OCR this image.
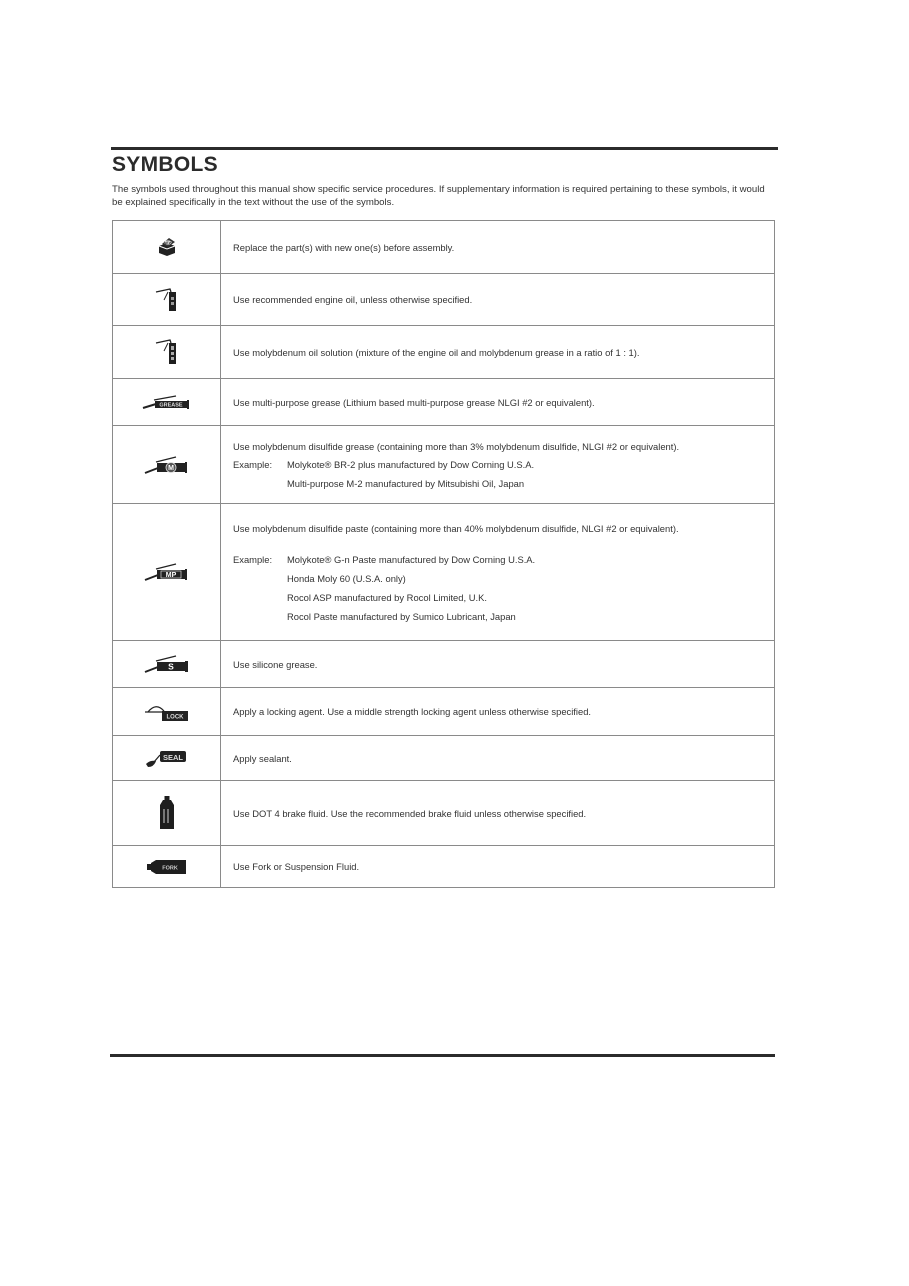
SYMBOLS
The symbols used throughout this manual show specific service procedures. If supplementary information is required pertaining to these symbols, it would be explained specifically in the text without the use of the symbols.
NEW	Replace the part(s) with new one(s) before assembly.

Use recommended engine oil, unless otherwise specified.

Use molybdenum oil solution (mixture of the engine oil and molybdenum grease in a ratio of 1 : 1).

GREASE	Use multi-purpose grease (Lithium based multi-purpose grease NLGI #2 or equivalent).

M	Use molybdenum disulfide grease (containing more than 3% molybdenum disulfide, NLGI #2 or equivalent).

Example: Molykote® BR-2 plus manufactured by Dow Corning U.S.A.

Multi-purpose M-2 manufactured by Mitsubishi Oil, Japan

MP	Use molybdenum disulfide paste (containing more than 40% molybdenum disulfide, NLGI #2 or equivalent).

Example: Molykote® G-n Paste manufactured by Dow Corning U.S.A.

Honda Moly 60 (U.S.A. only)

Rocol ASP manufactured by Rocol Limited, U.K.

Rocol Paste manufactured by Sumico Lubricant, Japan

S	Use silicone grease.

LOCK	Apply a locking agent. Use a middle strength locking agent unless otherwise specified.

SEAL	Apply sealant.

Use DOT 4 brake fluid. Use the recommended brake fluid unless otherwise specified.

FORK	Use Fork or Suspension Fluid.
